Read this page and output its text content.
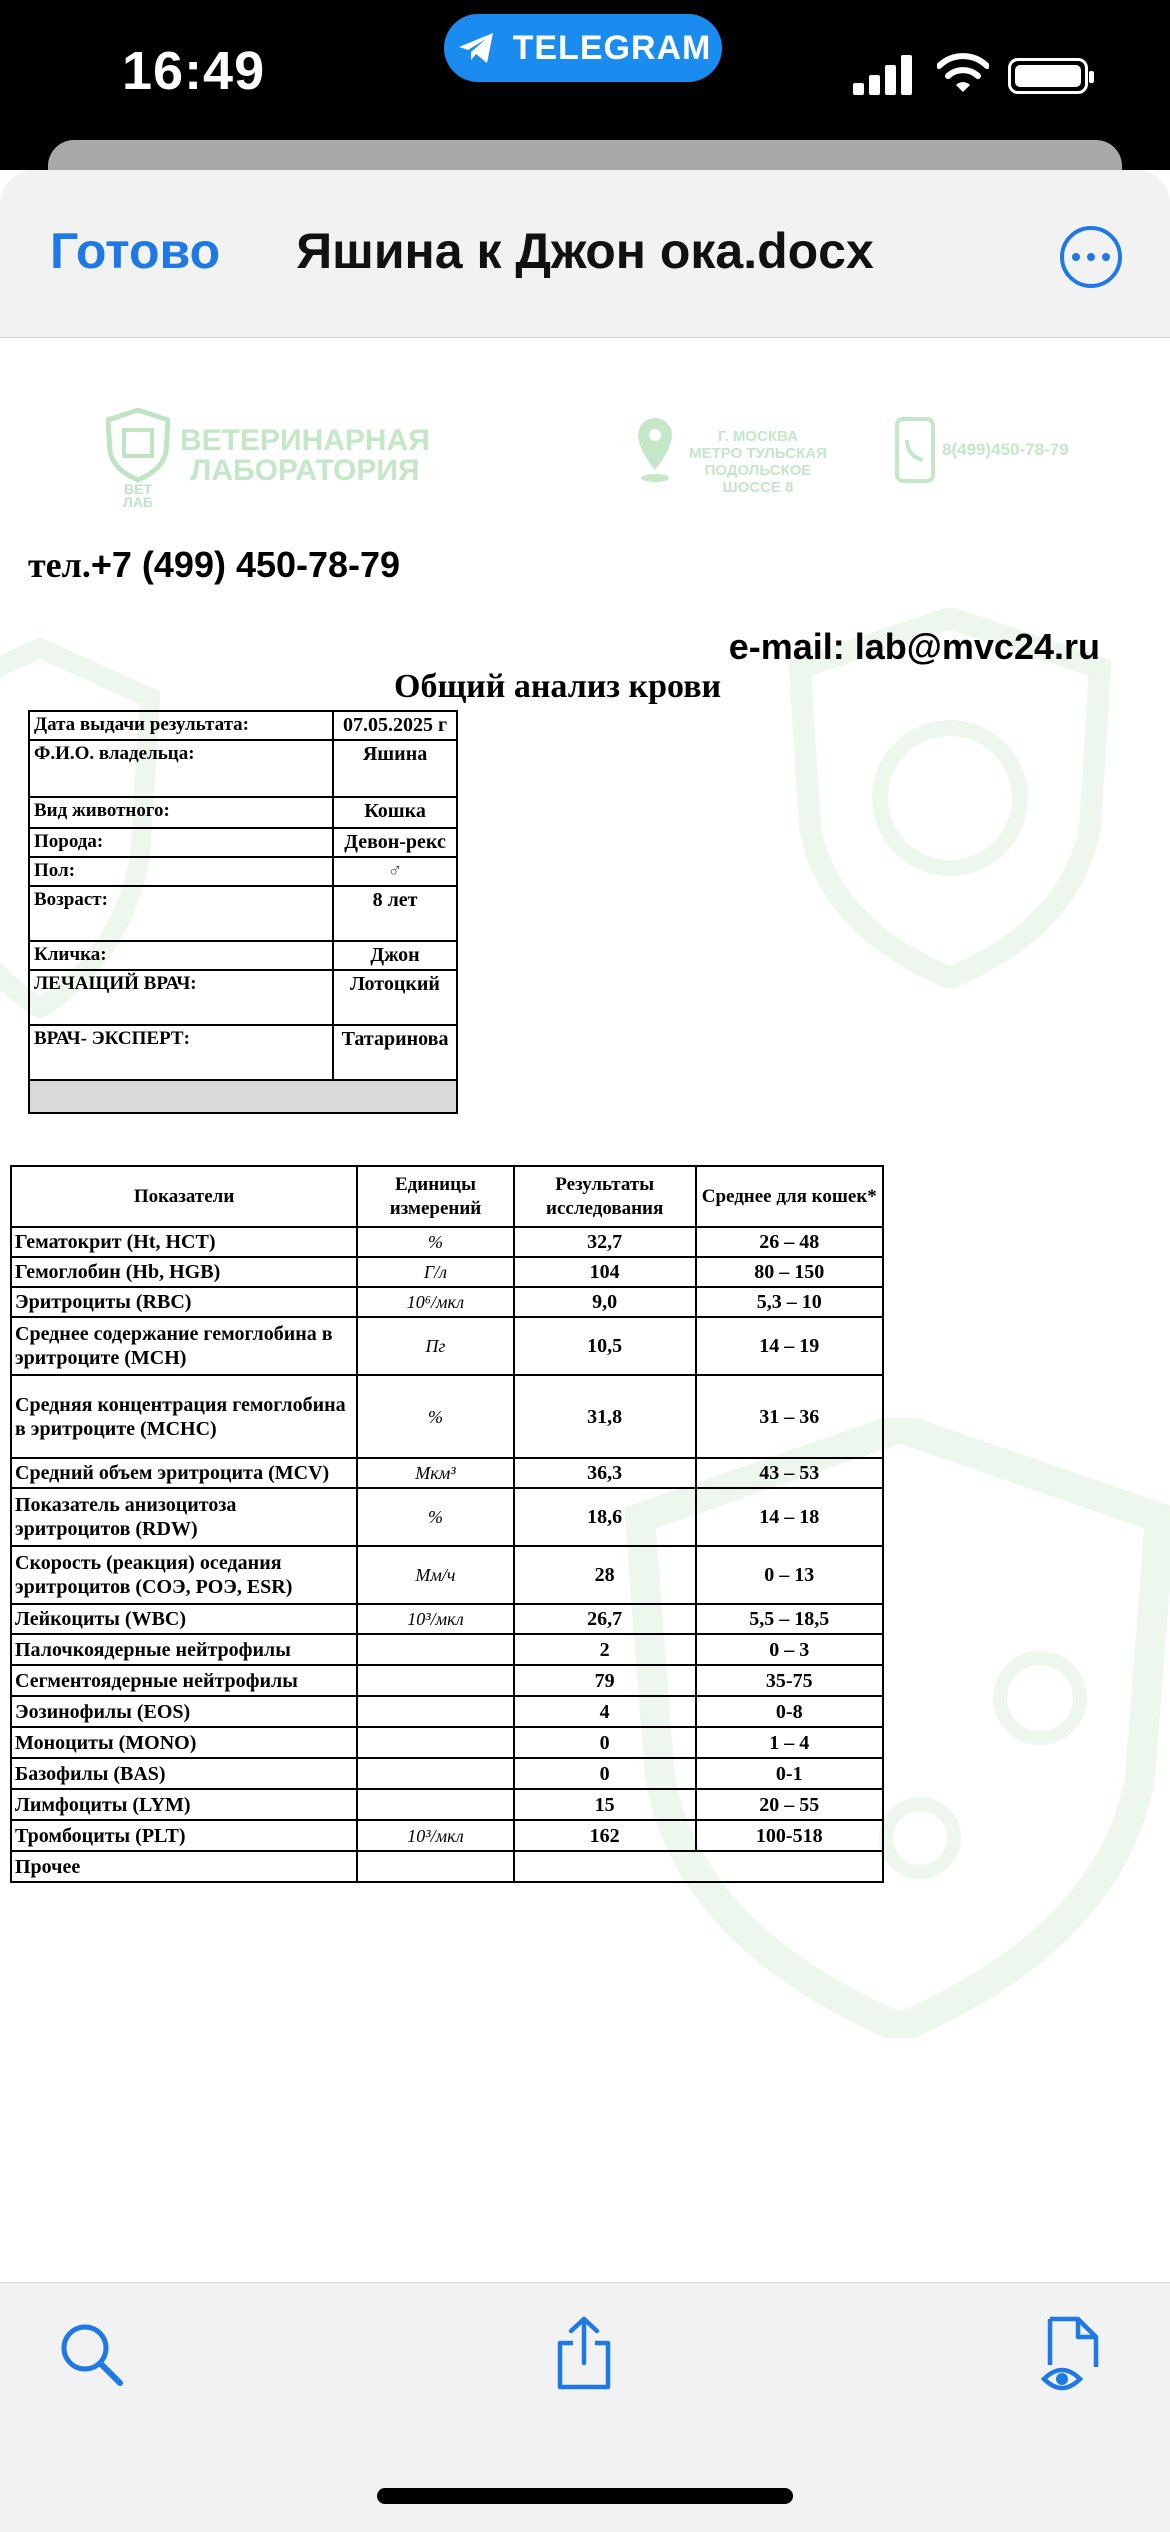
16:49	TELEGRAM
Готово	Яшина к Джон ока.docx
ВЕТ
ЛАБ
ВЕТЕРИНАРНАЯ
ЛАБОРАТОРИЯ
Г. МОСКВА
МЕТРО ТУЛЬСКАЯ
ПОДОЛЬСКОЕ
ШОССЕ 8
8(499)450-78-79
тел.+7 (499) 450-78-79
e-mail: lab@mvc24.ru
Общий анализ крови
Дата выдачи результата:	07.05.2025 г
Ф.И.О. владельца:	Яшина
Вид животного:	Кошка
Порода:	Девон-рекс
Пол:	♂
Возраст:	8 лет
Кличка:	Джон
ЛЕЧАЩИЙ ВРАЧ:	Лотоцкий
ВРАЧ- ЭКСПЕРТ:	Татаринова

Показатели	Единицы измерений	Результаты исследования	Среднее для кошек*
Гематокрит (Ht, HCT)	%	32,7	26 – 48
Гемоглобин (Hb, HGB)	Г/л	104	80 – 150
Эритроциты (RBC)	10⁶/мкл	9,0	5,3 – 10
Среднее содержание гемоглобина в эритроците (MCH)	Пг	10,5	14 – 19
Средняя концентрация гемоглобина в эритроците (MCHC)	%	31,8	31 – 36
Средний объем эритроцита (MCV)	Мкм³	36,3	43 – 53
Показатель анизоцитоза эритроцитов (RDW)	%	18,6	14 – 18
Скорость (реакция) оседания эритроцитов (СОЭ, РОЭ, ESR)	Мм/ч	28	0 – 13
Лейкоциты (WBC)	10³/мкл	26,7	5,5 – 18,5
Палочкоядерные нейтрофилы		2	0 – 3
Сегментоядерные нейтрофилы		79	35-75
Эозинофилы (EOS)		4	0-8
Моноциты (MONO)		0	1 – 4
Базофилы (BAS)		0	0-1
Лимфоциты (LYM)		15	20 – 55
Тромбоциты (PLT)	10³/мкл	162	100-518
Прочее			
